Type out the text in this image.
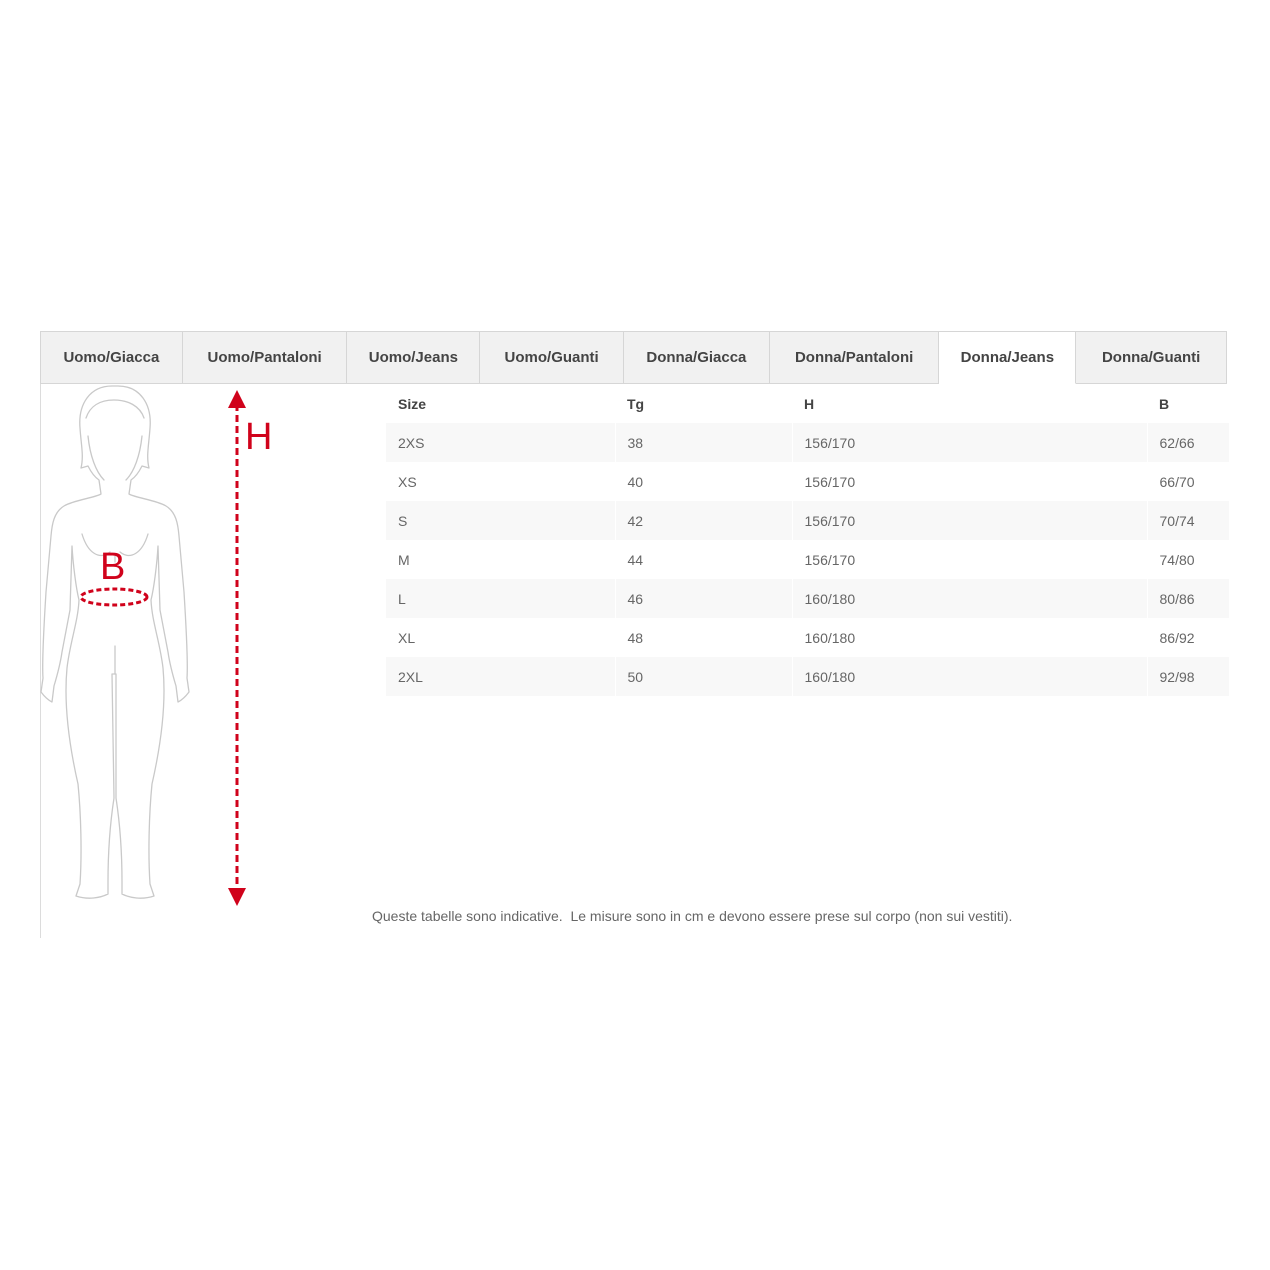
Uomo/Giacca	Uomo/Pantaloni	Uomo/Jeans	Uomo/Guanti	Donna/Giacca	Donna/Pantaloni	Donna/Jeans	Donna/Guanti
H
B
Size	Tg	H	B
2XS	38	156/170	62/66
XS	40	156/170	66/70
S	42	156/170	70/74
M	44	156/170	74/80
L	46	160/180	80/86
XL	48	160/180	86/92
2XL	50	160/180	92/98
Queste tabelle sono indicative.  Le misure sono in cm e devono essere prese sul corpo (non sui vestiti).
